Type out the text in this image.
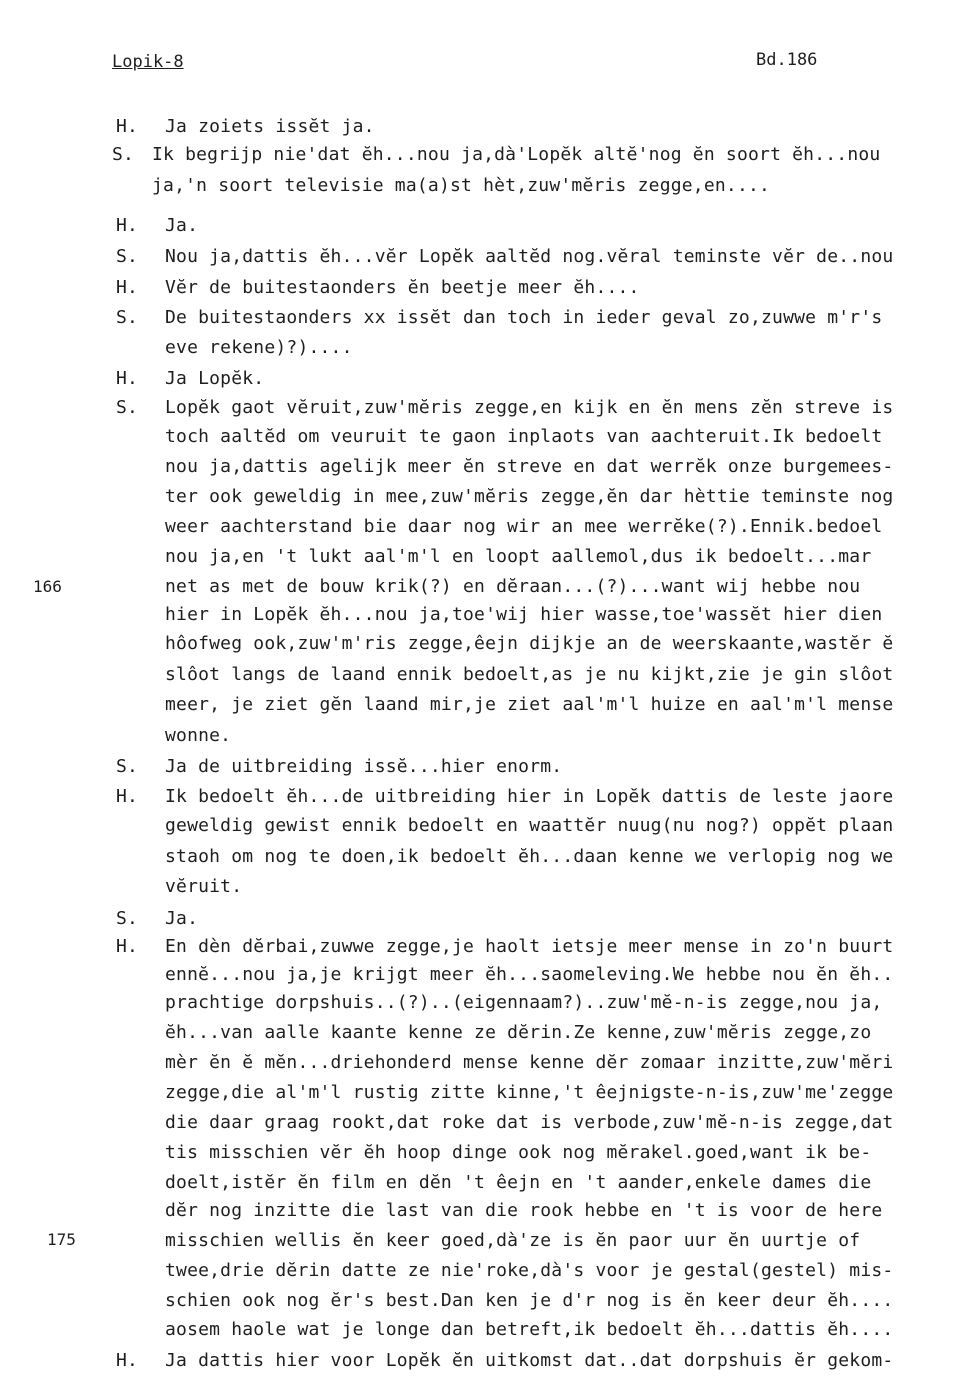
Lopik-8	Bd.186
166
175
H. Ja zoiets issĕt ja.
S. Ik begrijp nie'dat ĕh...nou ja,dà'Lopĕk altĕ'nog ĕn soort ĕh...nou
ja,'n soort televisie ma(a)st hèt,zuw'mĕris zegge,en....
H. Ja.
S. Nou ja,dattis ĕh...vĕr Lopĕk aaltĕd nog.vĕral teminste vĕr de..nou
H. Vĕr de buitestaonders ĕn beetje meer ĕh....
S. De buitestaonders xx issĕt dan toch in ieder geval zo,zuwwe m'r's
eve rekene)?)....
H. Ja Lopĕk.
S. Lopĕk gaot vĕruit,zuw'mĕris zegge,en kijk en ĕn mens zĕn streve is
toch aaltĕd om veuruit te gaon inplaots van aachteruit.Ik bedoelt
nou ja,dattis agelijk meer ĕn streve en dat werrĕk onze burgemees-
ter ook geweldig in mee,zuw'mĕris zegge,ĕn dar hèttie teminste nog
weer aachterstand bie daar nog wir an mee werrĕke(?).Ennik.bedoel
nou ja,en 't lukt aal'm'l en loopt aallemol,dus ik bedoelt...mar
net as met de bouw krik(?) en dĕraan...(?)...want wij hebbe nou
hier in Lopĕk ĕh...nou ja,toe'wij hier wasse,toe'wassĕt hier dien
hôofweg ook,zuw'm'ris zegge,êejn dijkje an de weerskaante,wastĕr ĕ
slôot langs de laand ennik bedoelt,as je nu kijkt,zie je gin slôot
meer, je ziet gĕn laand mir,je ziet aal'm'l huize en aal'm'l mense
wonne.
S. Ja de uitbreiding issĕ...hier enorm.
H. Ik bedoelt ĕh...de uitbreiding hier in Lopĕk dattis de leste jaore
geweldig gewist ennik bedoelt en waattĕr nuug(nu nog?) oppĕt plaan
staoh om nog te doen,ik bedoelt ĕh...daan kenne we verlopig nog we
vĕruit.
S. Ja.
H. En dèn dĕrbai,zuwwe zegge,je haolt ietsje meer mense in zo'n buurt
ennĕ...nou ja,je krijgt meer ĕh...saomeleving.We hebbe nou ĕn ĕh..
prachtige dorpshuis..(?)..(eigennaam?)..zuw'mĕ-n-is zegge,nou ja,
ĕh...van aalle kaante kenne ze dĕrin.Ze kenne,zuw'mĕris zegge,zo
mèr ĕn ĕ mĕn...driehonderd mense kenne dĕr zomaar inzitte,zuw'mĕri
zegge,die al'm'l rustig zitte kinne,'t êejnigste-n-is,zuw'me'zegge
die daar graag rookt,dat roke dat is verbode,zuw'mĕ-n-is zegge,dat
tis misschien vĕr ĕh hoop dinge ook nog mĕrakel.goed,want ik be-
doelt,istĕr ĕn film en dĕn 't êejn en 't aander,enkele dames die
dĕr nog inzitte die last van die rook hebbe en 't is voor de here
misschien wellis ĕn keer goed,dà'ze is ĕn paor uur ĕn uurtje of
twee,drie dĕrin datte ze nie'roke,dà's voor je gestal(gestel) mis-
schien ook nog ĕr's best.Dan ken je d'r nog is ĕn keer deur ĕh....
aosem haole wat je longe dan betreft,ik bedoelt ĕh...dattis ĕh....
H. Ja dattis hier voor Lopĕk ĕn uitkomst dat..dat dorpshuis ĕr gekom-
